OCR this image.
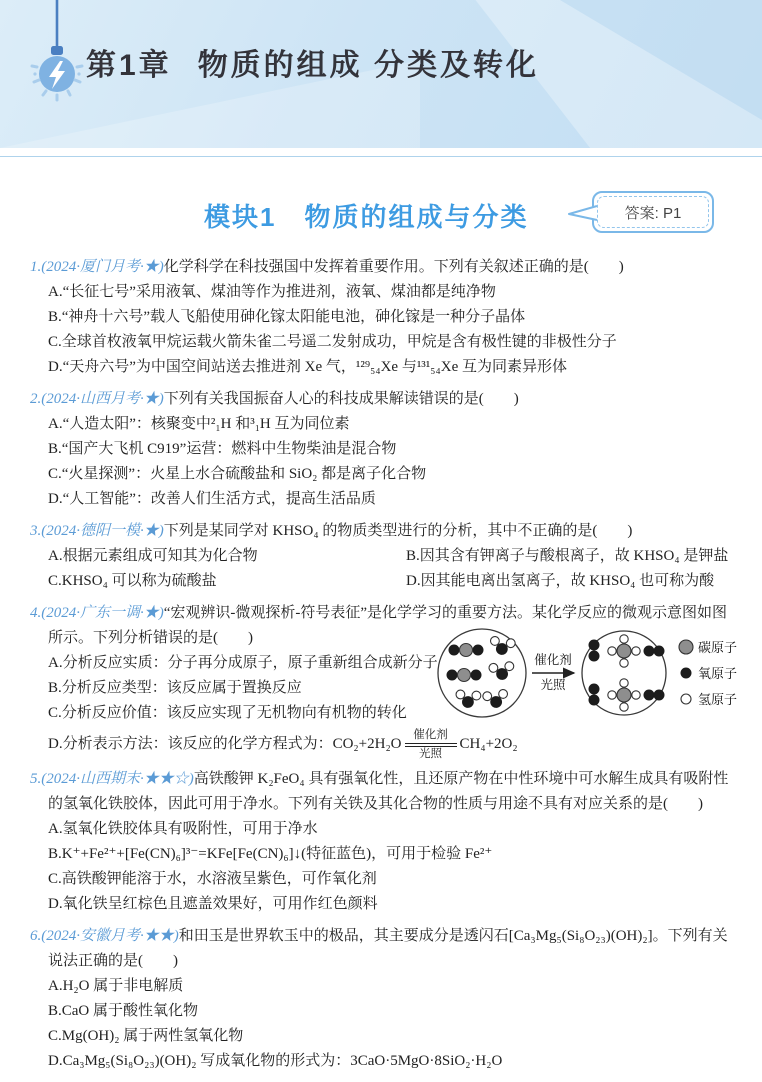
第1章 物质的组成 分类及转化
模块1　物质的组成与分类	答案: P1

1.(2024·厦门月考·★)化学科学在科技强国中发挥着重要作用。下列有关叙述正确的是(　　)

A.“长征七号”采用液氧、煤油等作为推进剂，液氧、煤油都是纯净物

B.“神舟十六号”载人飞船使用砷化镓太阳能电池，砷化镓是一种分子晶体

C.全球首枚液氧甲烷运载火箭朱雀二号遥二发射成功，甲烷是含有极性键的非极性分子

D.“天舟六号”为中国空间站送去推进剂 Xe 气，¹²⁹₅₄Xe 与¹³¹₅₄Xe 互为同素异形体

2.(2024·山西月考·★)下列有关我国振奋人心的科技成果解读错误的是(　　)

A.“人造太阳”：核聚变中²₁H 和³₁H 互为同位素

B.“国产大飞机 C919”运营：燃料中生物柴油是混合物

C.“火星探测”：火星上水合硫酸盐和 SiO₂ 都是离子化合物

D.“人工智能”：改善人们生活方式，提高生活品质

3.(2024·德阳一模·★)下列是某同学对 KHSO₄ 的物质类型进行的分析，其中不正确的是(　　)

A.根据元素组成可知其为化合物	B.因其含有钾离子与酸根离子，故 KHSO₄ 是钾盐

C.KHSO₄ 可以称为硫酸盐	D.因其能电离出氢离子，故 KHSO₄ 也可称为酸

4.(2024·广东一调·★)“宏观辨识-微观探析-符号表征”是化学学习的重要方法。某化学反应的微观示意图如图所示。下列分析错误的是(　　)

催化剂
光照
碳原子
氧原子
氢原子

A.分析反应实质：分子再分成原子，原子重新组合成新分子

B.分析反应类型：该反应属于置换反应

C.分析反应价值：该反应实现了无机物向有机物的转化

D.分析表示方法：该反应的化学方程式为：CO₂+2H₂O
催化剂
光照
CH₄+2O₂

5.(2024·山西期末·★★☆)高铁酸钾 K₂FeO₄ 具有强氧化性，且还原产物在中性环境中可水解生成具有吸附性的氢氧化铁胶体，因此可用于净水。下列有关铁及其化合物的性质与用途不具有对应关系的是(　　)

A.氢氧化铁胶体具有吸附性，可用于净水

B.K⁺+Fe²⁺+[Fe(CN)₆]³⁻=KFe[Fe(CN)₆]↓(特征蓝色)，可用于检验 Fe²⁺

C.高铁酸钾能溶于水，水溶液呈紫色，可作氧化剂

D.氧化铁呈红棕色且遮盖效果好，可用作红色颜料

6.(2024·安徽月考·★★)和田玉是世界软玉中的极品，其主要成分是透闪石[Ca₃Mg₅(Si₈O₂₃)(OH)₂]。下列有关说法正确的是(　　)

A.H₂O 属于非电解质

B.CaO 属于酸性氧化物

C.Mg(OH)₂ 属于两性氢氧化物

D.Ca₃Mg₅(Si₈O₂₃)(OH)₂ 写成氧化物的形式为：3CaO·5MgO·8SiO₂·H₂O
